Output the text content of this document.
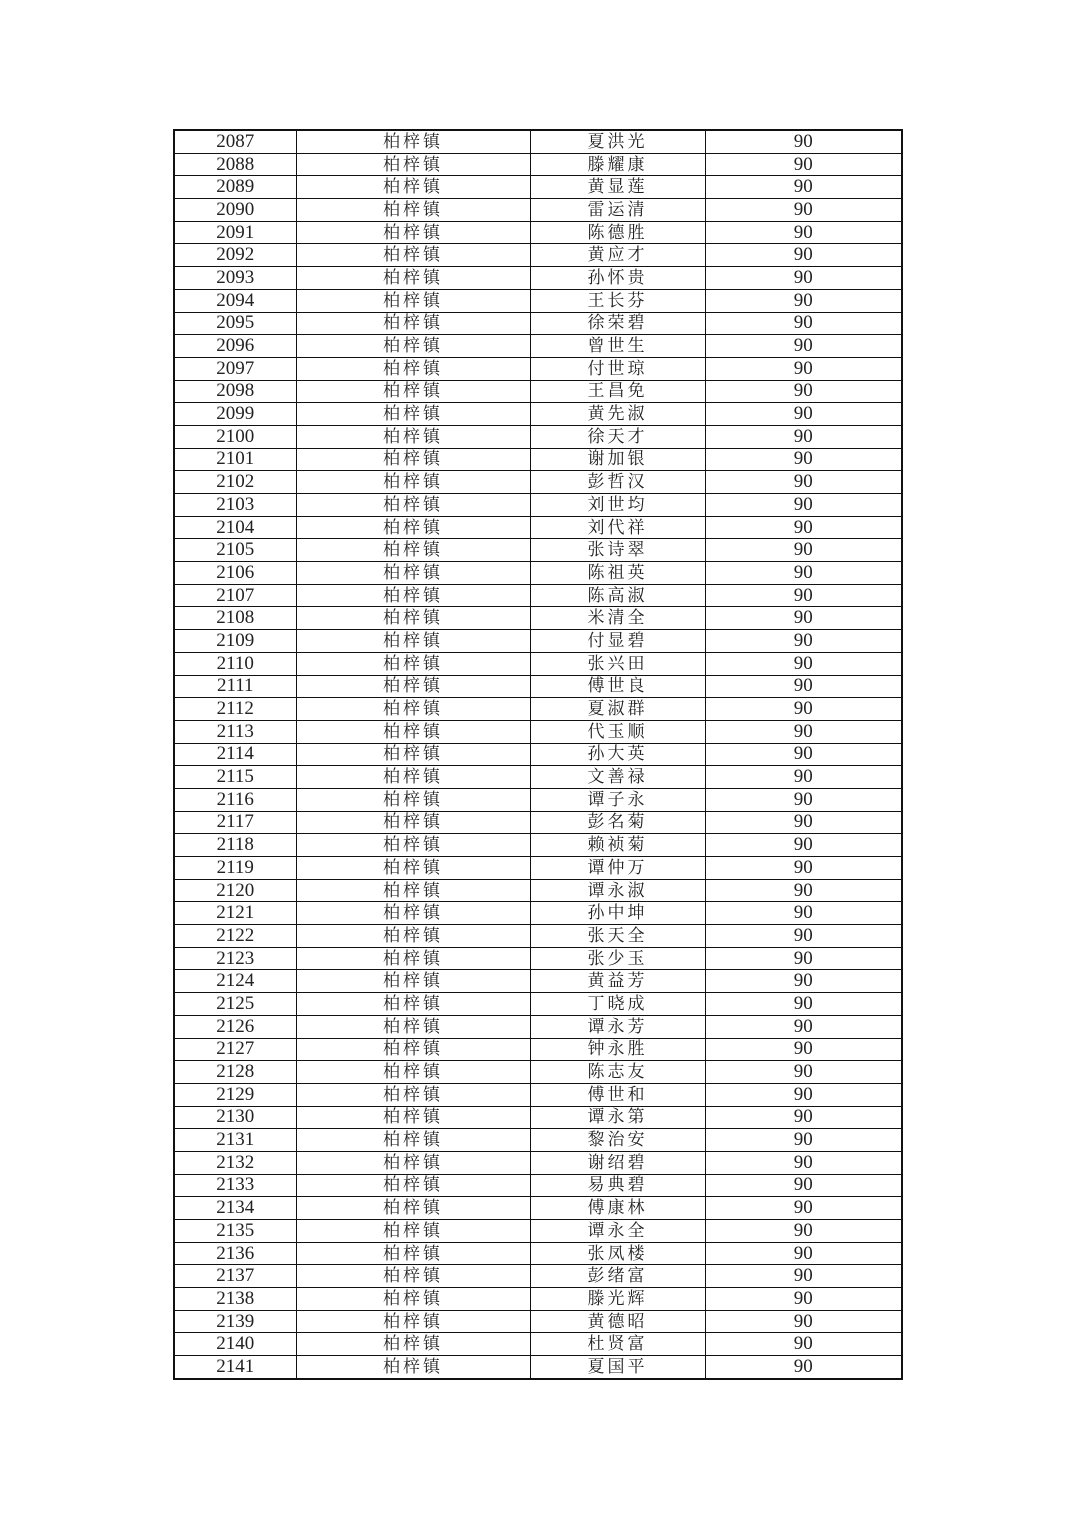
2087	柏梓镇	夏洪光	90
2088	柏梓镇	滕耀康	90
2089	柏梓镇	黄显莲	90
2090	柏梓镇	雷运清	90
2091	柏梓镇	陈德胜	90
2092	柏梓镇	黄应才	90
2093	柏梓镇	孙怀贵	90
2094	柏梓镇	王长芬	90
2095	柏梓镇	徐荣碧	90
2096	柏梓镇	曾世生	90
2097	柏梓镇	付世琼	90
2098	柏梓镇	王昌免	90
2099	柏梓镇	黄先淑	90
2100	柏梓镇	徐天才	90
2101	柏梓镇	谢加银	90
2102	柏梓镇	彭哲汉	90
2103	柏梓镇	刘世均	90
2104	柏梓镇	刘代祥	90
2105	柏梓镇	张诗翠	90
2106	柏梓镇	陈祖英	90
2107	柏梓镇	陈高淑	90
2108	柏梓镇	米清全	90
2109	柏梓镇	付显碧	90
2110	柏梓镇	张兴田	90
2111	柏梓镇	傅世良	90
2112	柏梓镇	夏淑群	90
2113	柏梓镇	代玉顺	90
2114	柏梓镇	孙大英	90
2115	柏梓镇	文善禄	90
2116	柏梓镇	谭子永	90
2117	柏梓镇	彭名菊	90
2118	柏梓镇	赖祯菊	90
2119	柏梓镇	谭仲万	90
2120	柏梓镇	谭永淑	90
2121	柏梓镇	孙中坤	90
2122	柏梓镇	张天全	90
2123	柏梓镇	张少玉	90
2124	柏梓镇	黄益芳	90
2125	柏梓镇	丁晓成	90
2126	柏梓镇	谭永芳	90
2127	柏梓镇	钟永胜	90
2128	柏梓镇	陈志友	90
2129	柏梓镇	傅世和	90
2130	柏梓镇	谭永第	90
2131	柏梓镇	黎治安	90
2132	柏梓镇	谢绍碧	90
2133	柏梓镇	易典碧	90
2134	柏梓镇	傅康林	90
2135	柏梓镇	谭永全	90
2136	柏梓镇	张凤楼	90
2137	柏梓镇	彭绪富	90
2138	柏梓镇	滕光辉	90
2139	柏梓镇	黄德昭	90
2140	柏梓镇	杜贤富	90
2141	柏梓镇	夏国平	90
